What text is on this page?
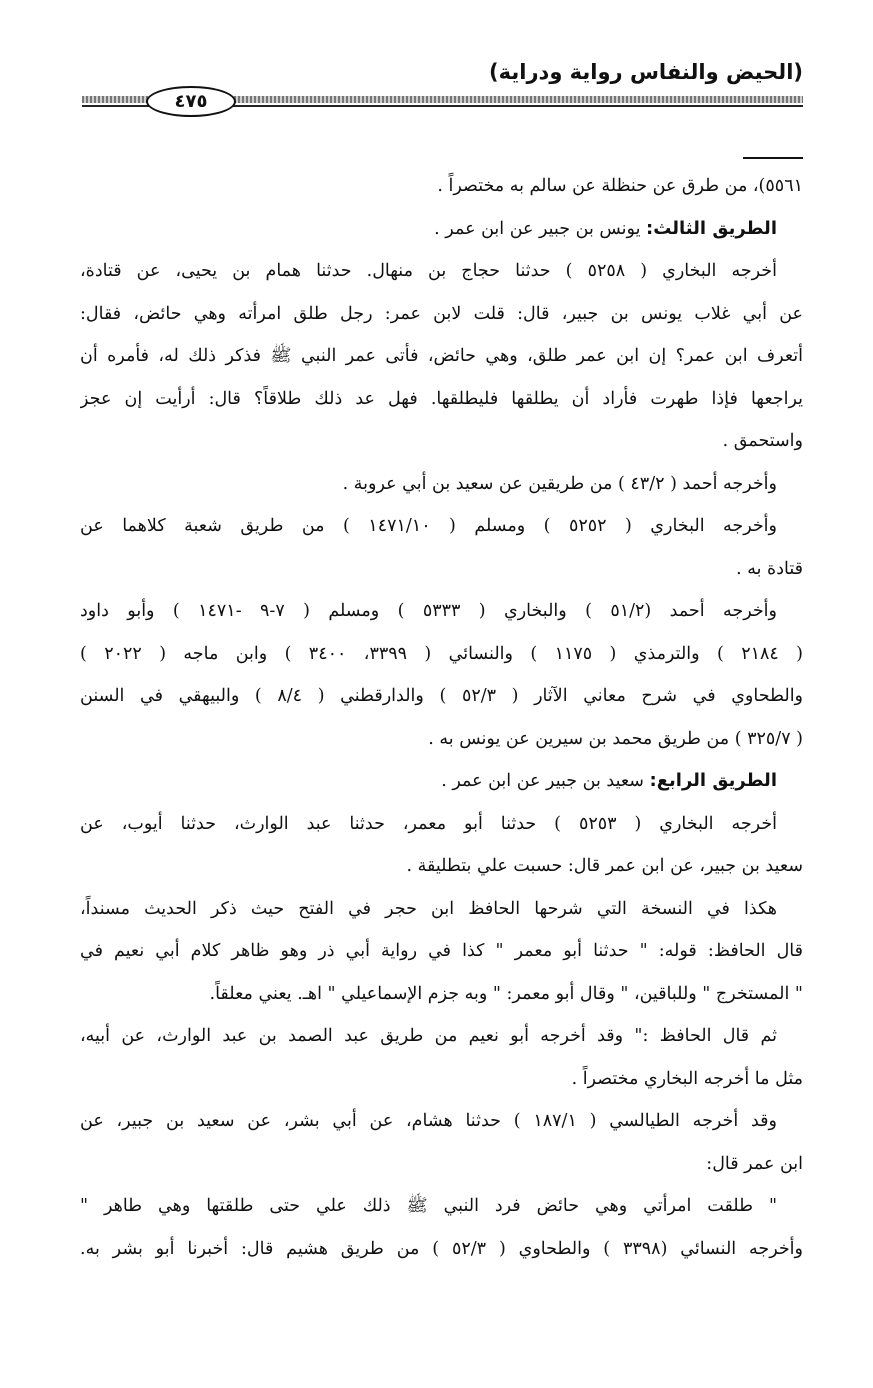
(الحيض والنفاس رواية ودراية)
٤٧٥
٥٥٦١)، من طرق عن حنظلة عن سالم به مختصراً .
الطريق الثالث: يونس بن جبير عن ابن عمر .
أخرجه البخاري ( ٥٢٥٨ ) حدثنا حجاج بن منهال. حدثنا همام بن يحيى، عن قتادة،
عن أبي غلاب يونس بن جبير، قال: قلت لابن عمر: رجل طلق امرأته وهي حائض، فقال:
أتعرف ابن عمر؟ إن ابن عمر طلق، وهي حائض، فأتى عمر النبي ﷺ فذكر ذلك له، فأمره أن
يراجعها فإذا طهرت فأراد أن يطلقها فليطلقها. فهل عد ذلك طلاقاً؟ قال: أرأيت إن عجز
واستحمق .
وأخرجه أحمد ( ٤٣/٢ ) من طريقين عن سعيد بن أبي عروبة .
وأخرجه البخاري ( ٥٢٥٢ ) ومسلم ( ١٤٧١/١٠ ) من طريق شعبة كلاهما عن
قتادة به .
وأخرجه أحمد (٥١/٢ ) والبخاري ( ٥٣٣٣ ) ومسلم ( ٧-٩ -١٤٧١ ) وأبو داود
( ٢١٨٤ ) والترمذي ( ١١٧٥ ) والنسائي ( ٣٣٩٩، ٣٤٠٠ ) وابن ماجه ( ٢٠٢٢ )
والطحاوي في شرح معاني الآثار ( ٥٢/٣ ) والدارقطني ( ٨/٤ ) والبيهقي في السنن
( ٣٢٥/٧ ) من طريق محمد بن سيرين عن يونس به .
الطريق الرابع: سعيد بن جبير عن ابن عمر .
أخرجه البخاري ( ٥٢٥٣ ) حدثنا أبو معمر، حدثنا عبد الوارث، حدثنا أيوب، عن
سعيد بن جبير، عن ابن عمر قال: حسبت علي بتطليقة .
هكذا في النسخة التي شرحها الحافظ ابن حجر في الفتح حيث ذكر الحديث مسنداً،
قال الحافظ: قوله: " حدثنا أبو معمر " كذا في رواية أبي ذر وهو ظاهر كلام أبي نعيم في
" المستخرج " وللباقين، " وقال أبو معمر: " وبه جزم الإسماعيلي " اهـ. يعني معلقاً.
ثم قال الحافظ :" وقد أخرجه أبو نعيم من طريق عبد الصمد بن عبد الوارث، عن أبيه،
مثل ما أخرجه البخاري مختصراً .
وقد أخرجه الطيالسي ( ١٨٧/١ ) حدثنا هشام، عن أبي بشر، عن سعيد بن جبير، عن
ابن عمر قال:
" طلقت امرأتي وهي حائض فرد النبي ﷺ ذلك علي حتى طلقتها وهي طاهر "
وأخرجه النسائي (٣٣٩٨ ) والطحاوي ( ٥٢/٣ ) من طريق هشيم قال: أخبرنا أبو بشر به.
